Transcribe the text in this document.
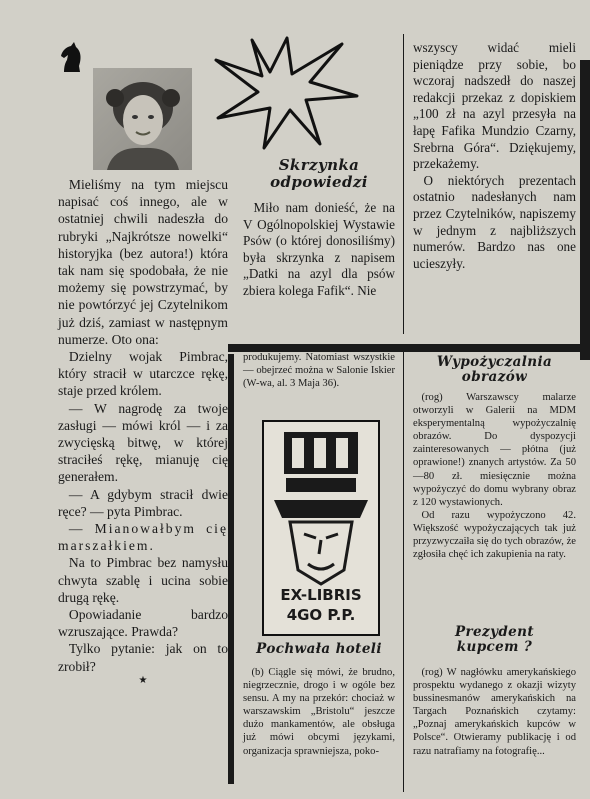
Skrzynka
odpowiedzi

Mieliśmy na tym miejscu napisać coś innego, ale w ostatniej chwili nadeszła do rubryki „Najkrótsze nowelki“ historyjka (bez autora!) która tak nam się spodobała, że nie możemy się powstrzymać, by nie powtórzyć jej Czytelnikom już dziś, zamiast w następnym numerze. Oto ona:

Dzielny wojak Pimbrac, który stracił w utarczce rękę, staje przed królem.

— W nagrodę za twoje zasługi — mówi król — i za zwycięską bitwę, w której straciłeś rękę, mianuję cię generałem.

— A gdybym stracił dwie ręce? — pyta Pimbrac.

— Mianowałbym cię marszałkiem.

Na to Pimbrac bez namysłu chwyta szablę i ucina sobie drugą rękę.

Opowiadanie bardzo wzruszające. Prawda?

Tylko pytanie: jak on to zrobił?

★

Miło nam donieść, że na V Ogólnopolskiej Wystawie Psów (o której donosiliśmy) była skrzynka z napisem „Datki na azyl dla psów zbiera kolega Fafik“. Nie

wszyscy widać mieli pieniądze przy sobie, bo wczoraj nadszedł do naszej redakcji przekaz z dopiskiem „100 zł na azyl przesyła na łapę Fafika Mundzio Czarny, Srebrna Góra“. Dziękujemy, przekażemy.

O niektórych prezentach ostatnio nadesłanych nam przez Czytelników, napiszemy w jednym z najbliższych numerów. Bardzo nas one ucieszyły.

produkujemy. Natomiast wszystkie — obejrzeć można w Salonie Iskier (W-wa, al. 3 Maja 36).

EX-LIBRIS
4GO P.P.
Pochwała hoteli

(b) Ciągle się mówi, że brudno, niegrzecznie, drogo i w ogóle bez sensu. A my na przekór: chociaż w warszawskim „Bristolu“ jeszcze dużo mankamentów, ale obsługa już mówi obcymi językami, organizacja sprawniejsza, poko-

Wypożyczalnia
obrazów

(rog) Warszawscy malarze otworzyli w Galerii na MDM eksperymentalną wypożyczalnię obrazów. Do dyspozycji zainteresowanych — płótna (już oprawione!) znanych artystów. Za 50—80 zł. miesięcznie można wypożyczyć do domu wybrany obraz z 120 wystawionych.

Od razu wypożyczono 42. Większość wypożyczających tak już przyzwyczaiła się do tych obrazów, że zgłosiła chęć ich zakupienia na raty.

Prezydent
kupcem ?

(rog) W nagłówku amerykańskiego prospektu wydanego z okazji wizyty bussinesmanów amerykańskich na Targach Poznańskich czytamy: „Poznaj amerykańskich kupców w Polsce“. Otwieramy publikację i od razu natrafiamy na fotografię...
